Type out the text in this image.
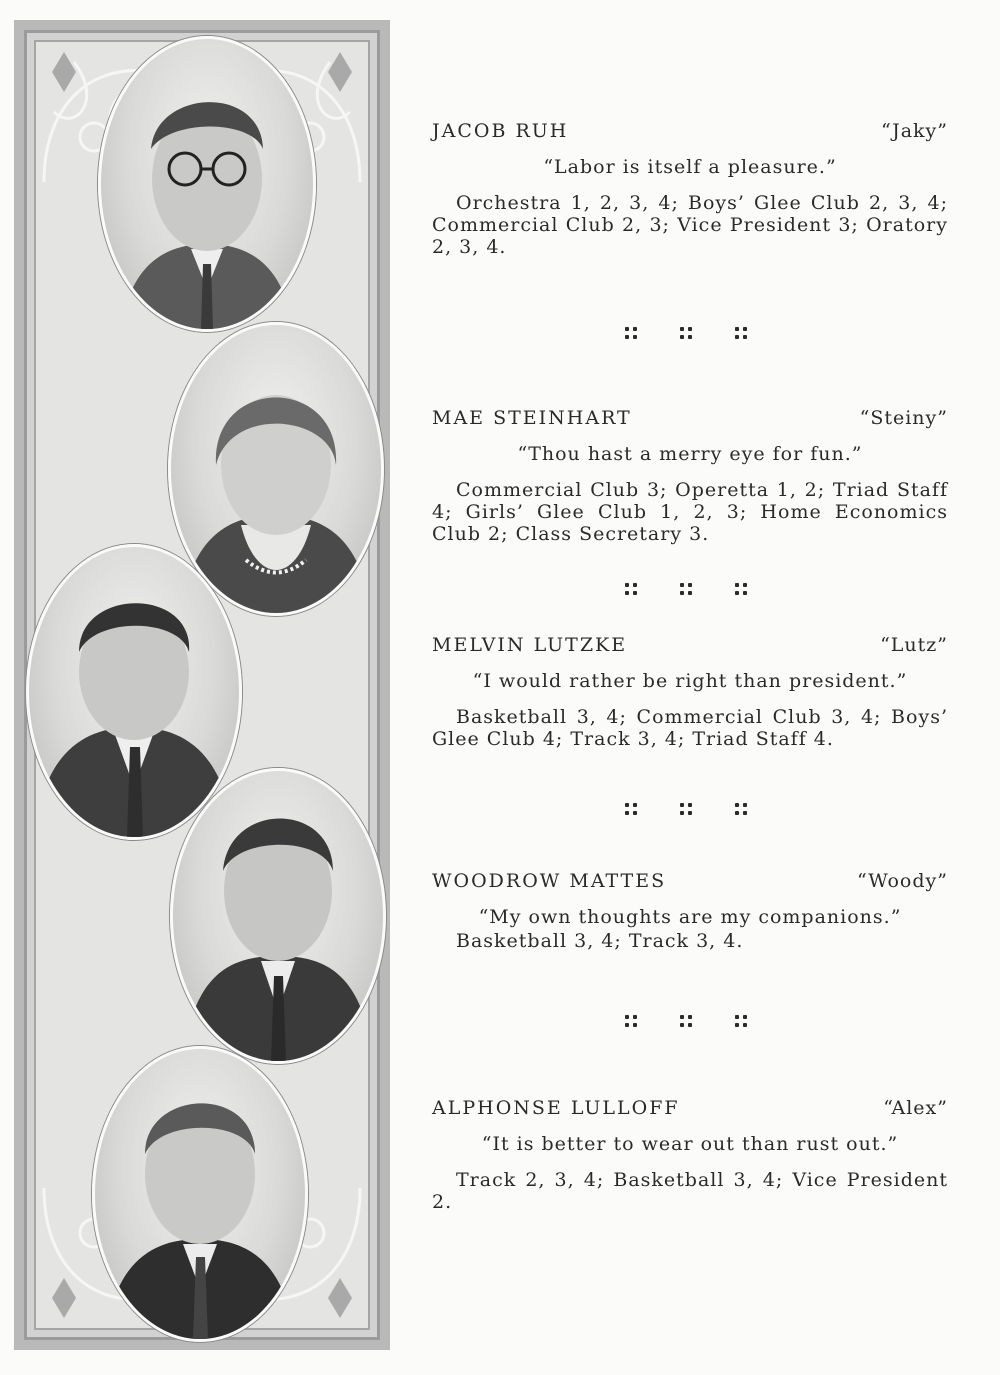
JACOB RUH	“Jaky”
“Labor is itself a pleasure.”
Orchestra 1, 2, 3, 4; Boys’ Glee Club 2, 3, 4; Commercial Club 2, 3; Vice President 3; Oratory 2, 3, 4.
MAE STEINHART	“Steiny”
“Thou hast a merry eye for fun.”
Commercial Club 3; Operetta 1, 2; Triad Staff 4; Girls’ Glee Club 1, 2, 3; Home Economics Club 2; Class Secretary 3.
MELVIN LUTZKE	“Lutz”
“I would rather be right than president.”
Basketball 3, 4; Commercial Club 3, 4; Boys’ Glee Club 4; Track 3, 4; Triad Staff 4.
WOODROW MATTES	“Woody”
“My own thoughts are my companions.”
Basketball 3, 4; Track 3, 4.
ALPHONSE LULLOFF	“Alex”
“It is better to wear out than rust out.”
Track 2, 3, 4; Basketball 3, 4; Vice President 2.
